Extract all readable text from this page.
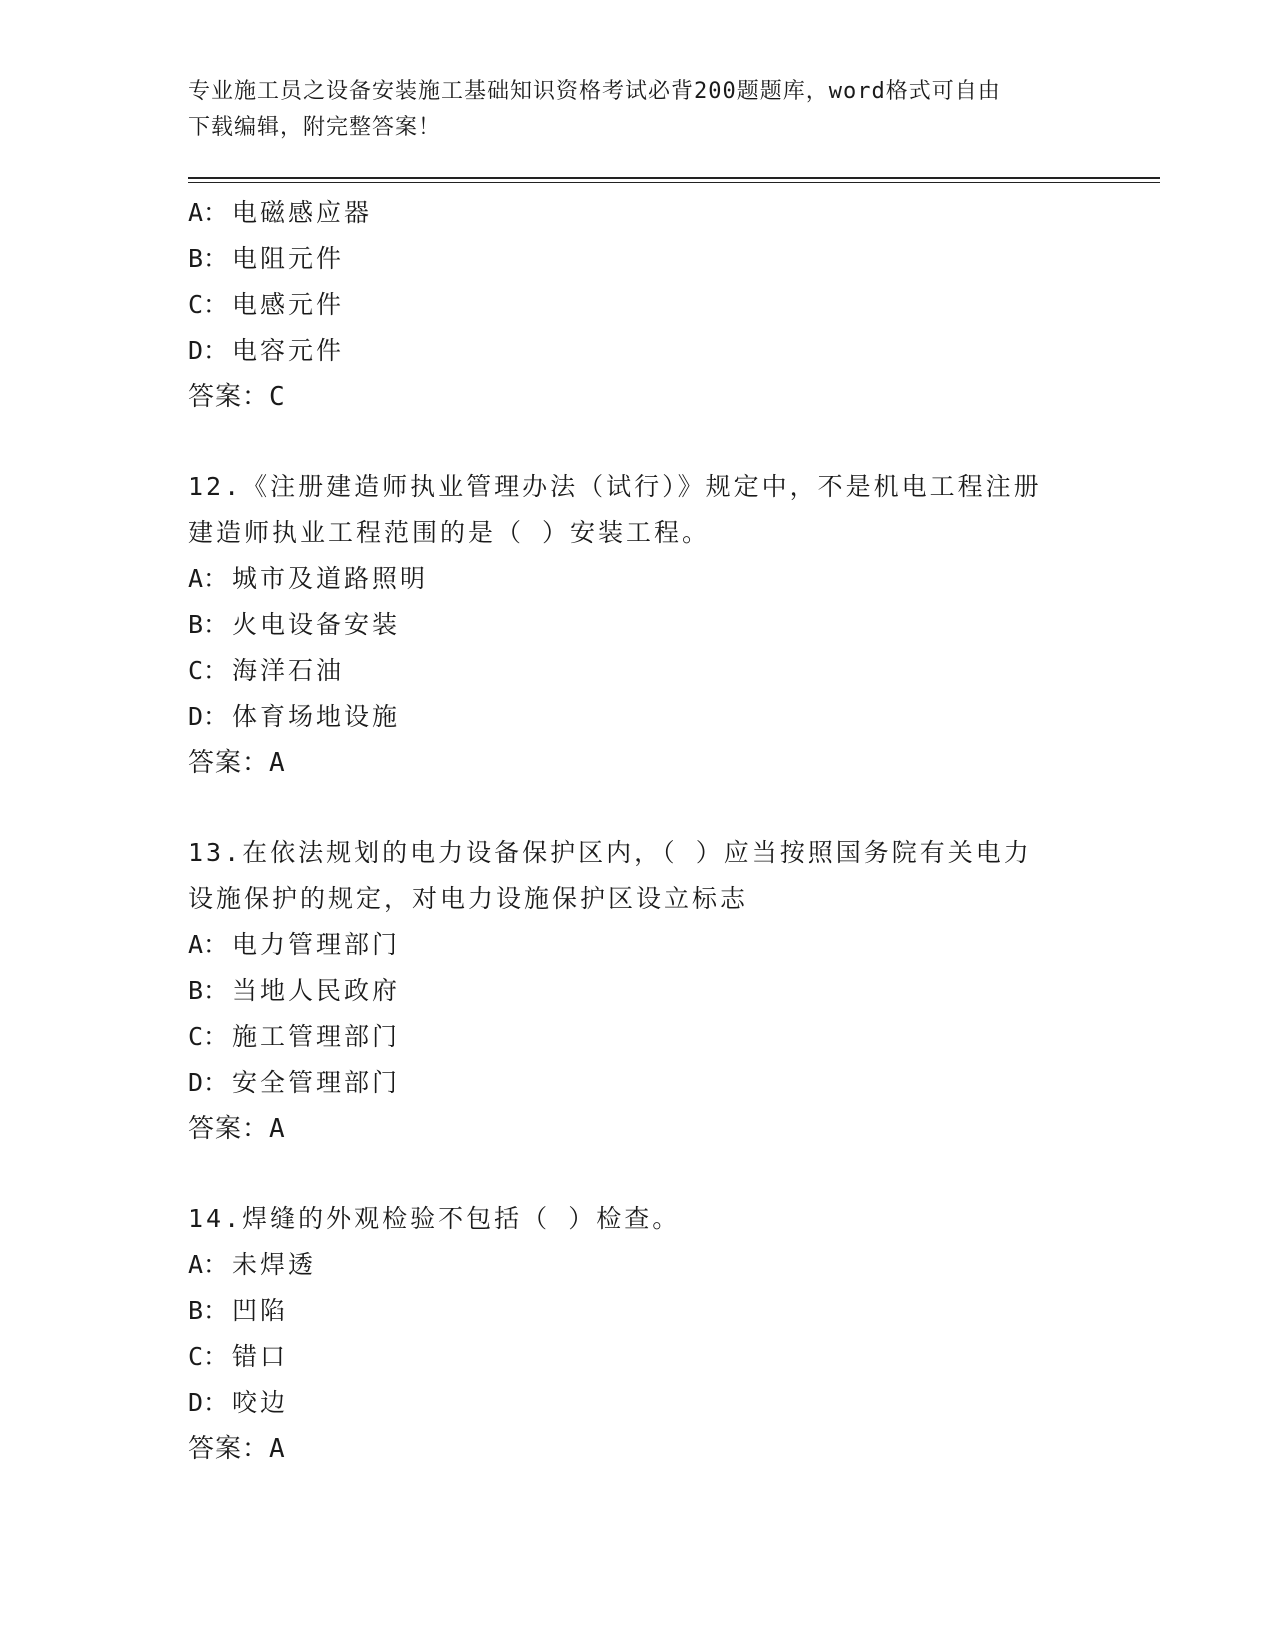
专业施工员之设备安装施工基础知识资格考试必背200题题库，word格式可自由
下载编辑，附完整答案！
A： 电磁感应器
B： 电阻元件
C： 电感元件
D： 电容元件
答案：C
12.《注册建造师执业管理办法（试行）》规定中，不是机电工程注册
建造师执业工程范围的是（ ）安装工程。
A： 城市及道路照明
B： 火电设备安装
C： 海洋石油
D： 体育场地设施
答案：A
13.在依法规划的电力设备保护区内，（ ）应当按照国务院有关电力
设施保护的规定，对电力设施保护区设立标志
A： 电力管理部门
B： 当地人民政府
C： 施工管理部门
D： 安全管理部门
答案：A
14.焊缝的外观检验不包括（ ）检查。
A： 未焊透
B： 凹陷
C： 错口
D： 咬边
答案：A
